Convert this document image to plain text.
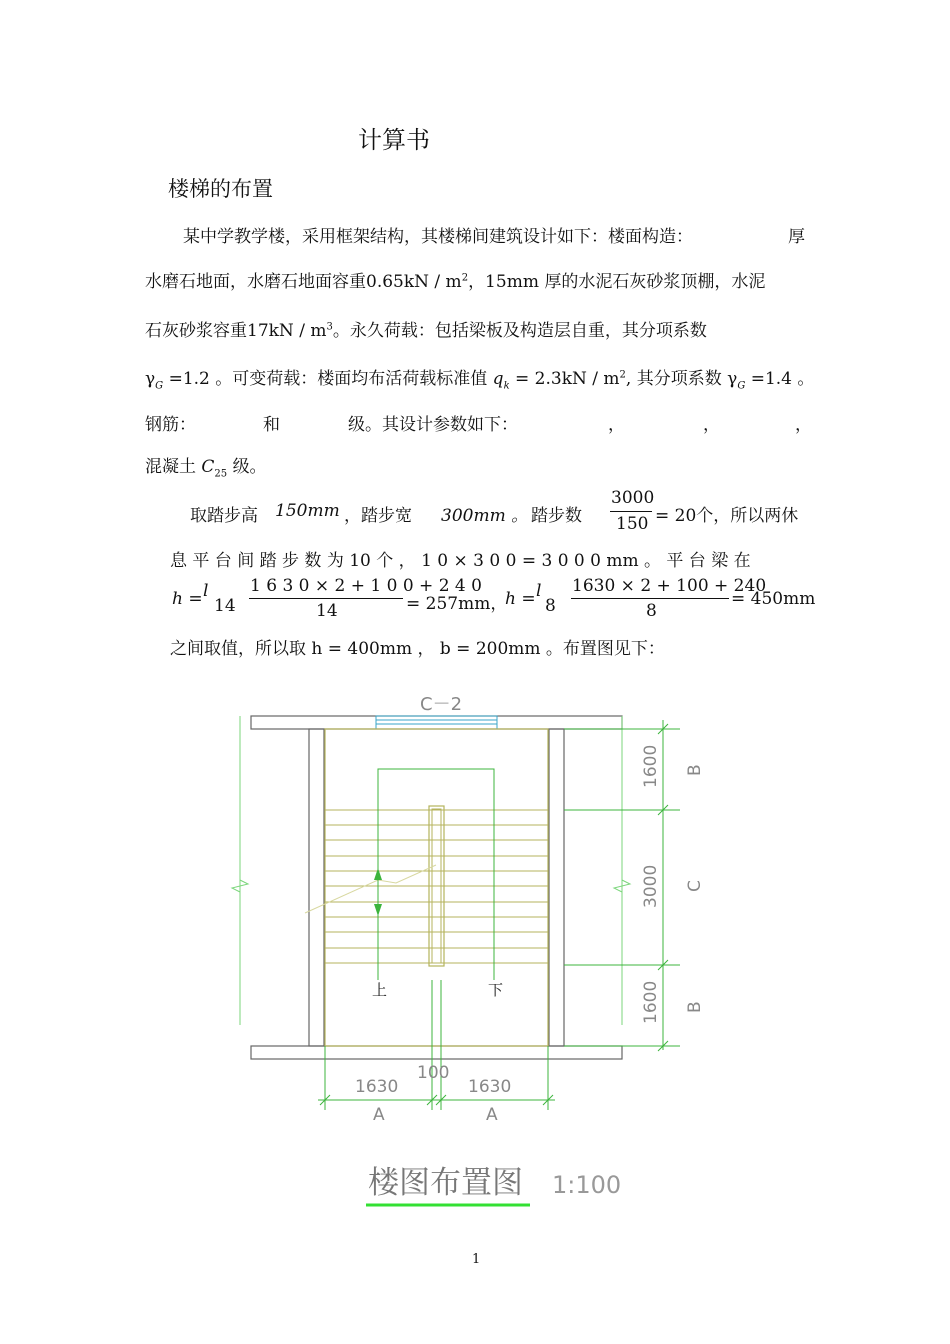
计算书
楼梯的布置
某中学教学楼，采用框架结构，其楼梯间建筑设计如下：楼面构造：	厚
水磨石地面，水磨石地面容重$0.65kN / m^2$，15mm 厚的水泥石灰砂浆顶棚，水泥
石灰砂浆容重$17kN / m^3$。永久荷载：包括梁板及构造层自重，其分项系数
$\gamma_G =1.2$ 。可变荷载：楼面均布活荷载标准值 $q_k = 2.3kN / m^2$, 其分项系数 $\gamma_G =1.4$ 。
钢筋：	和	级。其设计参数如下：	，	，	，
混凝土 $C_{25}$ 级。
取踏步高 150mm ，踏步宽 300mm 。 踏步数
3000
150 = 20个，所以两休
息 平 台 间 踏 步 数 为 10 个 ， 1 0 × 3 0 0 = 3 0 0 0 mm 。 平 台 梁 在
h = l
14
1 6 3 0 × 2 + 1 0 0 + 2 4 0
14	= 257mm，
h = l
8
1630 × 2 + 100 + 240
8
= 450mm
之间取值，所以取 h = 400mm ， b = 200mm 。布置图见下：
C－2
上	下
1600
3000
1600
B
C
B
1630
100
1630
A	A
楼图布置图 1:100
1
